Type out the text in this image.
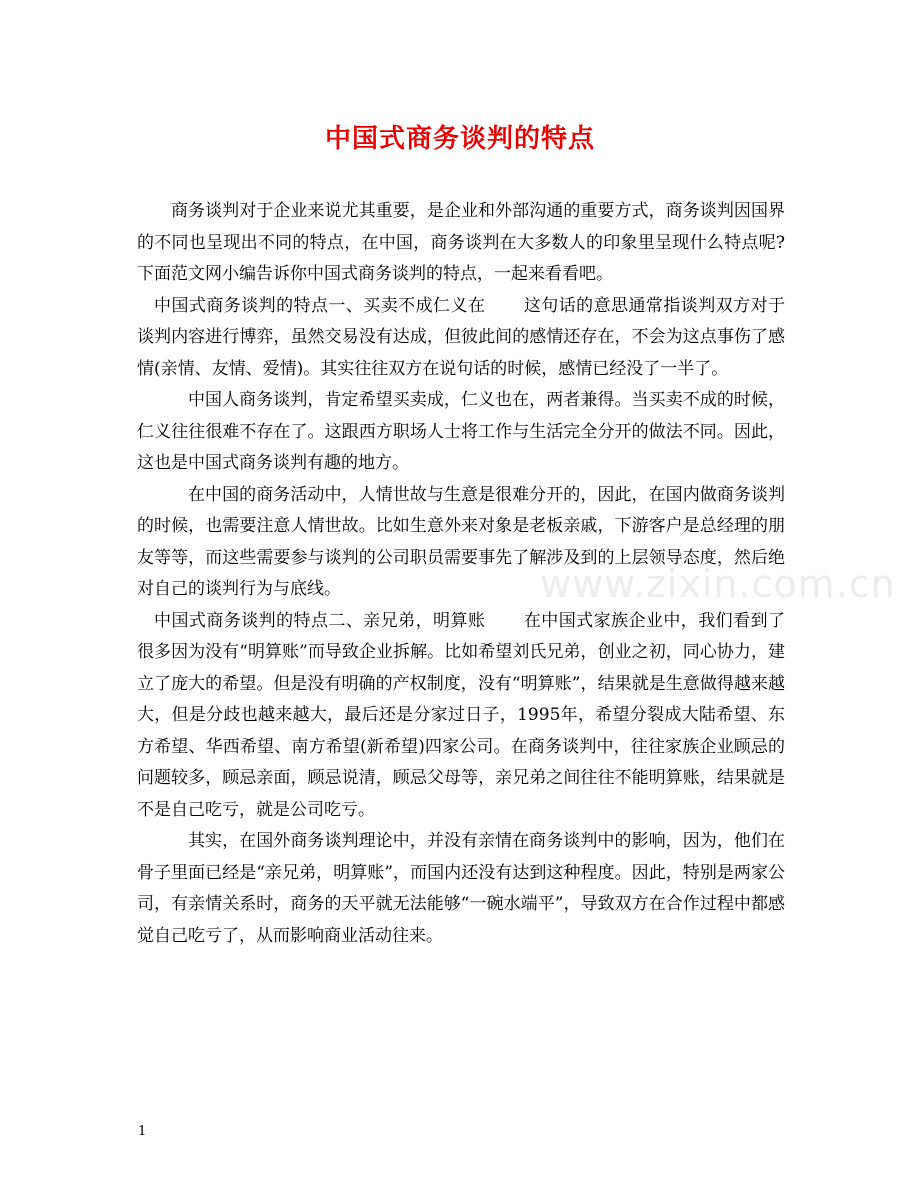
中国式商务谈判的特点
www.zixin.com.cn

商务谈判对于企业来说尤其重要，是企业和外部沟通的重要方式，商务谈判因国界的不同也呈现出不同的特点，在中国，商务谈判在大多数人的印象里呈现什么特点呢?下面范文网小编告诉你中国式商务谈判的特点，一起来看看吧。

中国式商务谈判的特点一、买卖不成仁义在 这句话的意思通常指谈判双方对于谈判内容进行博弈，虽然交易没有达成，但彼此间的感情还存在，不会为这点事伤了感情(亲情、友情、爱情)。其实往往双方在说句话的时候，感情已经没了一半了。

中国人商务谈判，肯定希望买卖成，仁义也在，两者兼得。当买卖不成的时候，仁义往往很难不存在了。这跟西方职场人士将工作与生活完全分开的做法不同。因此，这也是中国式商务谈判有趣的地方。

在中国的商务活动中，人情世故与生意是很难分开的，因此，在国内做商务谈判的时候，也需要注意人情世故。比如生意外来对象是老板亲戚，下游客户是总经理的朋友等等，而这些需要参与谈判的公司职员需要事先了解涉及到的上层领导态度，然后绝对自己的谈判行为与底线。

中国式商务谈判的特点二、亲兄弟，明算账 在中国式家族企业中，我们看到了很多因为没有“明算账”而导致企业拆解。比如希望刘氏兄弟，创业之初，同心协力，建立了庞大的希望。但是没有明确的产权制度，没有“明算账”，结果就是生意做得越来越大，但是分歧也越来越大，最后还是分家过日子，1995年，希望分裂成大陆希望、东方希望、华西希望、南方希望(新希望)四家公司。在商务谈判中，往往家族企业顾忌的问题较多，顾忌亲面，顾忌说清，顾忌父母等，亲兄弟之间往往不能明算账，结果就是不是自己吃亏，就是公司吃亏。

其实，在国外商务谈判理论中，并没有亲情在商务谈判中的影响，因为，他们在骨子里面已经是“亲兄弟，明算账”，而国内还没有达到这种程度。因此，特别是两家公司，有亲情关系时，商务的天平就无法能够“一碗水端平”，导致双方在合作过程中都感觉自己吃亏了，从而影响商业活动往来。

1
